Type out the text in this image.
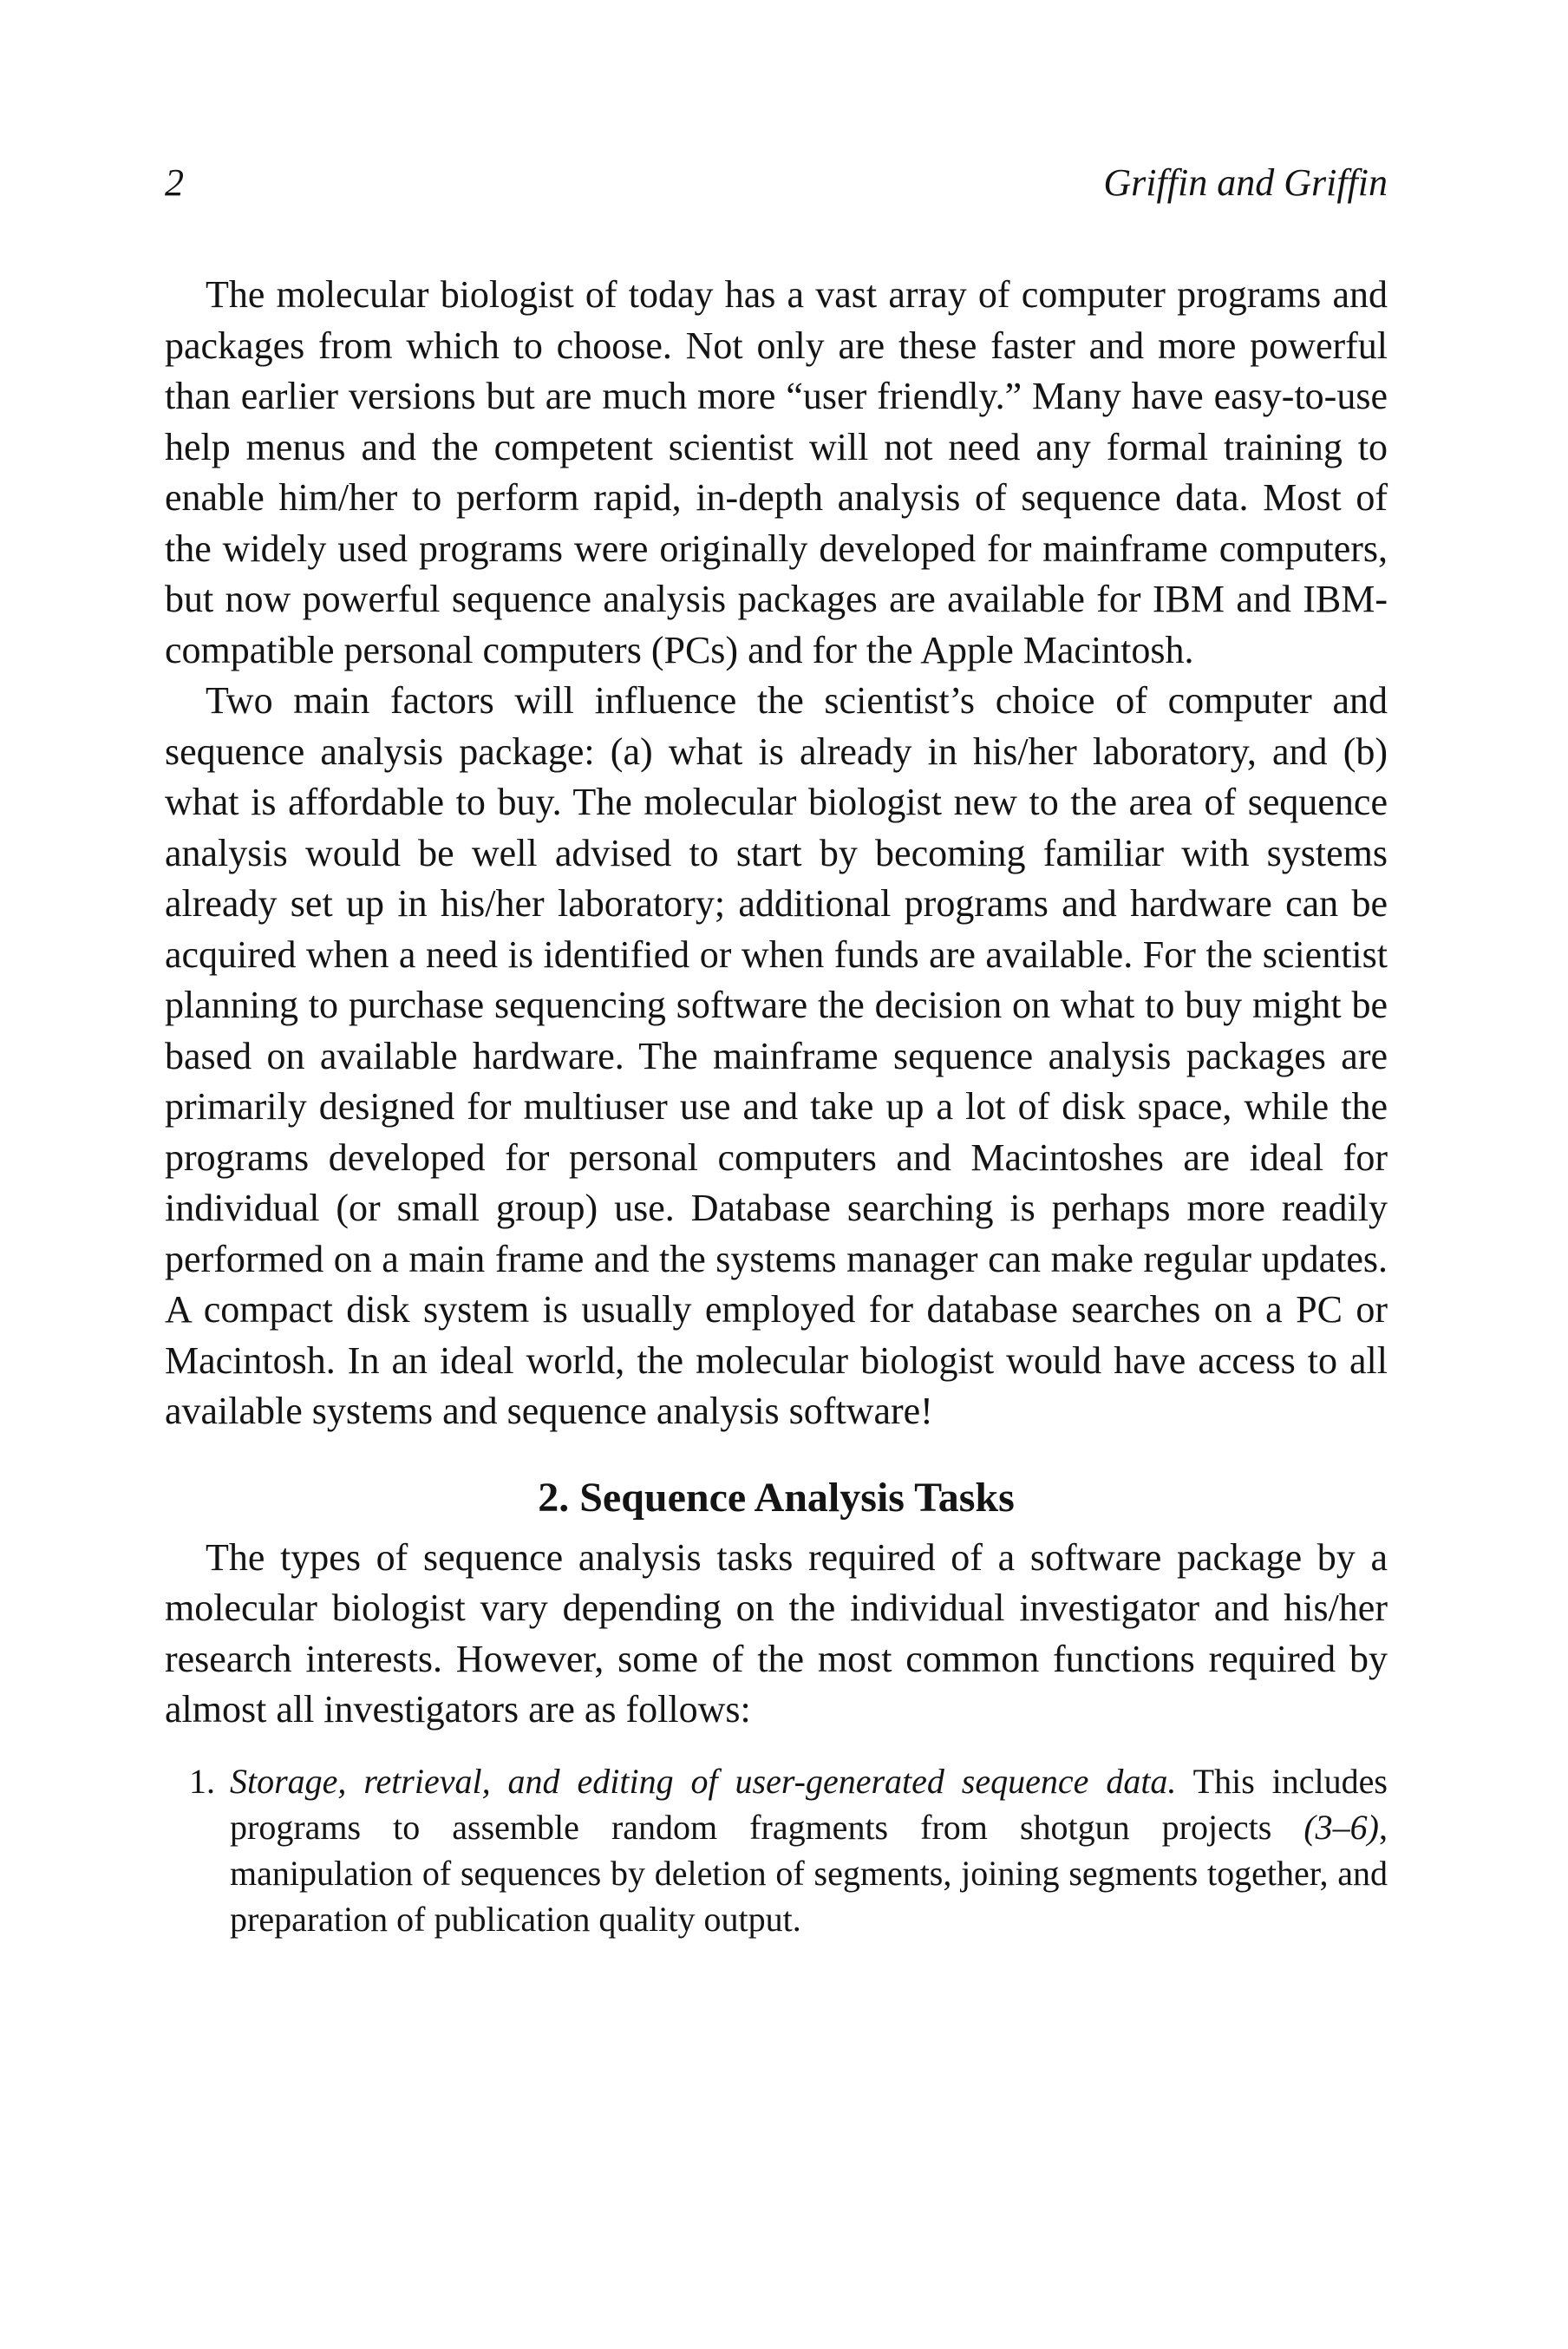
2	Griffin and Griffin

The molecular biologist of today has a vast array of computer programs and packages from which to choose. Not only are these faster and more powerful than earlier versions but are much more “user friendly.” Many have easy-to-use help menus and the competent scientist will not need any formal training to enable him/her to perform rapid, in-depth analysis of sequence data. Most of the widely used programs were originally developed for mainframe computers, but now powerful sequence analysis packages are available for IBM and IBM-compatible personal computers (PCs) and for the Apple Macintosh.

Two main factors will influence the scientist’s choice of computer and sequence analysis package: (a) what is already in his/her laboratory, and (b) what is affordable to buy. The molecular biologist new to the area of sequence analysis would be well advised to start by becoming familiar with systems already set up in his/her laboratory; additional programs and hardware can be acquired when a need is identified or when funds are available. For the scientist planning to purchase sequencing software the decision on what to buy might be based on available hardware. The mainframe sequence analysis packages are primarily designed for multiuser use and take up a lot of disk space, while the programs developed for personal computers and Macintoshes are ideal for individual (or small group) use. Database searching is perhaps more readily performed on a main frame and the systems manager can make regular updates. A compact disk system is usually employed for database searches on a PC or Macintosh. In an ideal world, the molecular biologist would have access to all available systems and sequence analysis software!

2. Sequence Analysis Tasks

The types of sequence analysis tasks required of a software package by a molecular biologist vary depending on the individual investigator and his/her research interests. However, some of the most common functions required by almost all investigators are as follows:

1. Storage, retrieval, and editing of user-generated sequence data. This includes programs to assemble random fragments from shotgun projects (3–6), manipulation of sequences by deletion of segments, joining segments together, and preparation of publication quality output.
